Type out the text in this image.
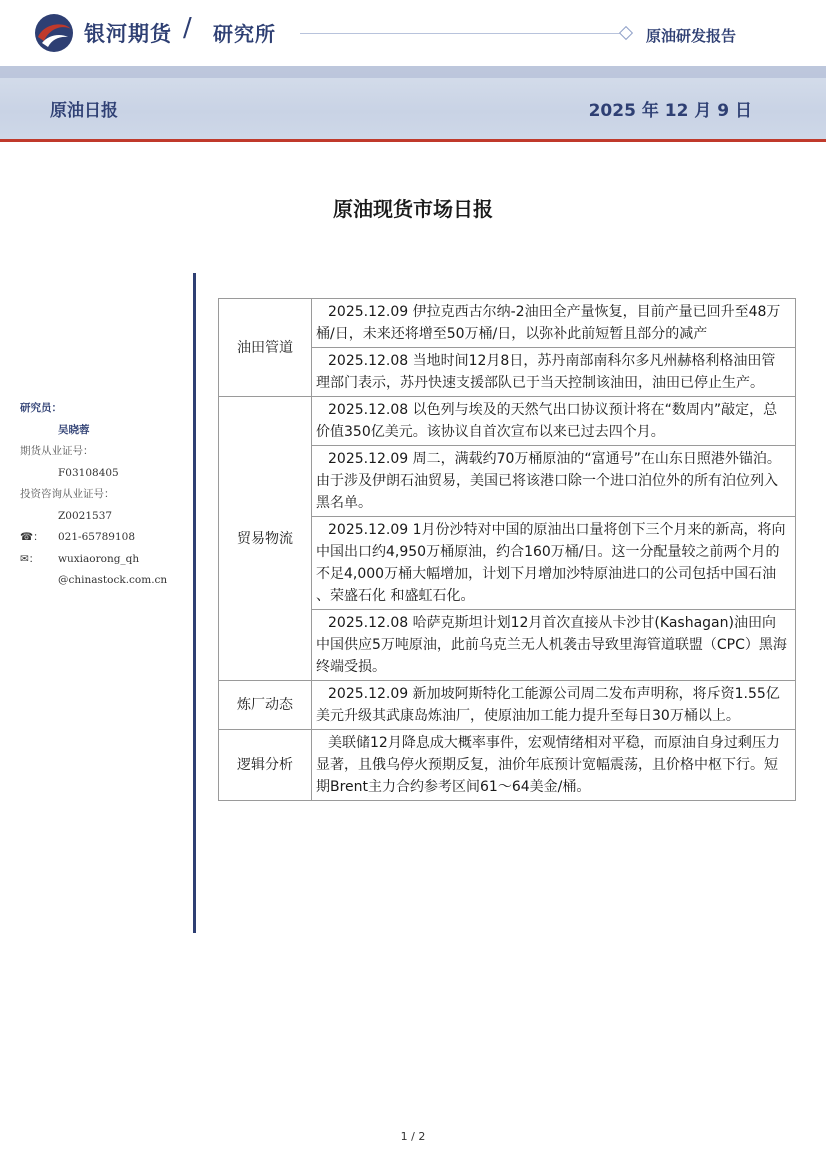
银河期货 / 研究所	原油研发报告
原油日报	2025 年 12 月 9 日
原油现货市场日报
研究员：
吴晓蓉
期货从业证号：
F03108405
投资咨询从业证号：
Z0021537
☎：	021-65789108
✉：	wuxiaorong_qh
@chinastock.com.cn
油田管道	2025.12.09 伊拉克西古尔纳-2油田全产量恢复，目前产量已回升至48万桶/日，未来还将增至50万桶/日，以弥补此前短暂且部分的减产
	2025.12.08 当地时间12月8日，苏丹南部南科尔多凡州赫格利格油田管理部门表示，苏丹快速支援部队已于当天控制该油田，油田已停止生产。
贸易物流	2025.12.08 以色列与埃及的天然气出口协议预计将在“数周内”敲定，总价值350亿美元。该协议自首次宣布以来已过去四个月。
	2025.12.09 周二，满载约70万桶原油的“富通号”在山东日照港外锚泊。由于涉及伊朗石油贸易，美国已将该港口除一个进口泊位外的所有泊位列入黑名单。
	2025.12.09 1月份沙特对中国的原油出口量将创下三个月来的新高，将向中国出口约4,950万桶原油，约合160万桶/日。这一分配量较之前两个月的不足4,000万桶大幅增加，计划下月增加沙特原油进口的公司包括中国石油 、荣盛石化 和盛虹石化。
	2025.12.08 哈萨克斯坦计划12月首次直接从卡沙甘(Kashagan)油田向中国供应5万吨原油，此前乌克兰无人机袭击导致里海管道联盟（CPC）黑海终端受损。
炼厂动态	2025.12.09 新加坡阿斯特化工能源公司周二发布声明称，将斥资1.55亿美元升级其武康岛炼油厂，使原油加工能力提升至每日30万桶以上。
逻辑分析	美联储12月降息成大概率事件，宏观情绪相对平稳，而原油自身过剩压力显著，且俄乌停火预期反复，油价年底预计宽幅震荡，且价格中枢下行。短期Brent主力合约参考区间61～64美金/桶。
1 / 2
